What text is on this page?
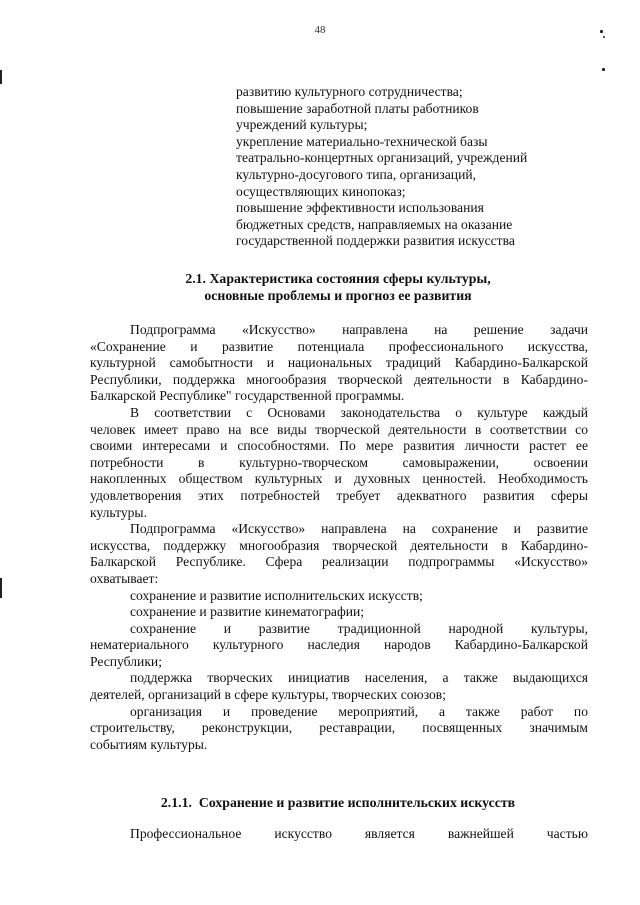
48
развитию культурного сотрудничества;
повышение заработной платы работников
учреждений культуры;
укрепление материально-технической базы
театрально-концертных организаций, учреждений
культурно-досугового типа, организаций,
осуществляющих кинопоказ;
повышение эффективности использования
бюджетных средств, направляемых на оказание
государственной поддержки развития искусства
2.1. Характеристика состояния сферы культуры,
основные проблемы и прогноз ее развития
Подпрограмма «Искусство» направлена на решение задачи
«Сохранение и развитие потенциала профессионального искусства,
культурной самобытности и национальных традиций Кабардино-Балкарской
Республики, поддержка многообразия творческой деятельности в Кабардино-
Балкарской Республике" государственной программы.
В соответствии с Основами законодательства о культуре каждый
человек имеет право на все виды творческой деятельности в соответствии со
своими интересами и способностями. По мере развития личности растет ее
потребности в культурно-творческом самовыражении, освоении
накопленных обществом культурных и духовных ценностей. Необходимость
удовлетворения этих потребностей требует адекватного развития сферы
культуры.
Подпрограмма «Искусство» направлена на сохранение и развитие
искусства, поддержку многообразия творческой деятельности в Кабардино-
Балкарской Республике. Сфера реализации подпрограммы «Искусство»
охватывает:
сохранение и развитие исполнительских искусств;
сохранение и развитие кинематографии;
сохранение и развитие традиционной народной культуры,
нематериального культурного наследия народов Кабардино-Балкарской
Республики;
поддержка творческих инициатив населения, а также выдающихся
деятелей, организаций в сфере культуры, творческих союзов;
организация и проведение мероприятий, а также работ по
строительству, реконструкции, реставрации, посвященных значимым
событиям культуры.
2.1.1. Сохранение и развитие исполнительских искусств
Профессиональное искусство является важнейшей частью
